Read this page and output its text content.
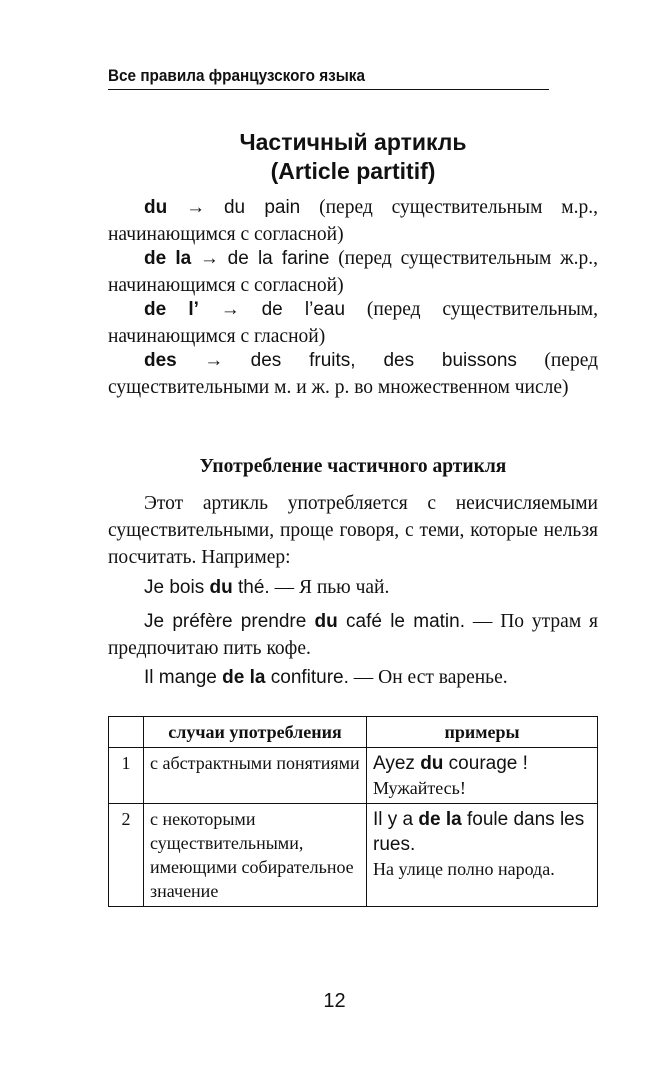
Все правила французского языка
Частичный артикль
(Article partitif)
du → du pain (перед существительным м.р., начинающимся с согласной)
de la → de la farine (перед существительным ж.р., начинающимся с согласной)
de l’ → de l’eau (перед существительным, начинающимся с гласной)
des → des fruits, des buissons (перед существительными м. и ж. р. во множественном числе)
Употребление частичного артикля
Этот артикль употребляется с неисчисляемыми существительными, проще говоря, с теми, которые нельзя посчитать. Например:
Je bois du thé. — Я пью чай.
Je préfère prendre du café le matin. — По утрам я предпочитаю пить кофе.
Il mange de la confiture. — Он ест варенье.
	случаи употребления	примеры
1	с абстрактными понятиями	Ayez du courage !
Мужайтесь!

2	с некоторыми существительными, имеющими собирательное значение	Il y a de la foule dans les rues.
На улице полно народа.
12
